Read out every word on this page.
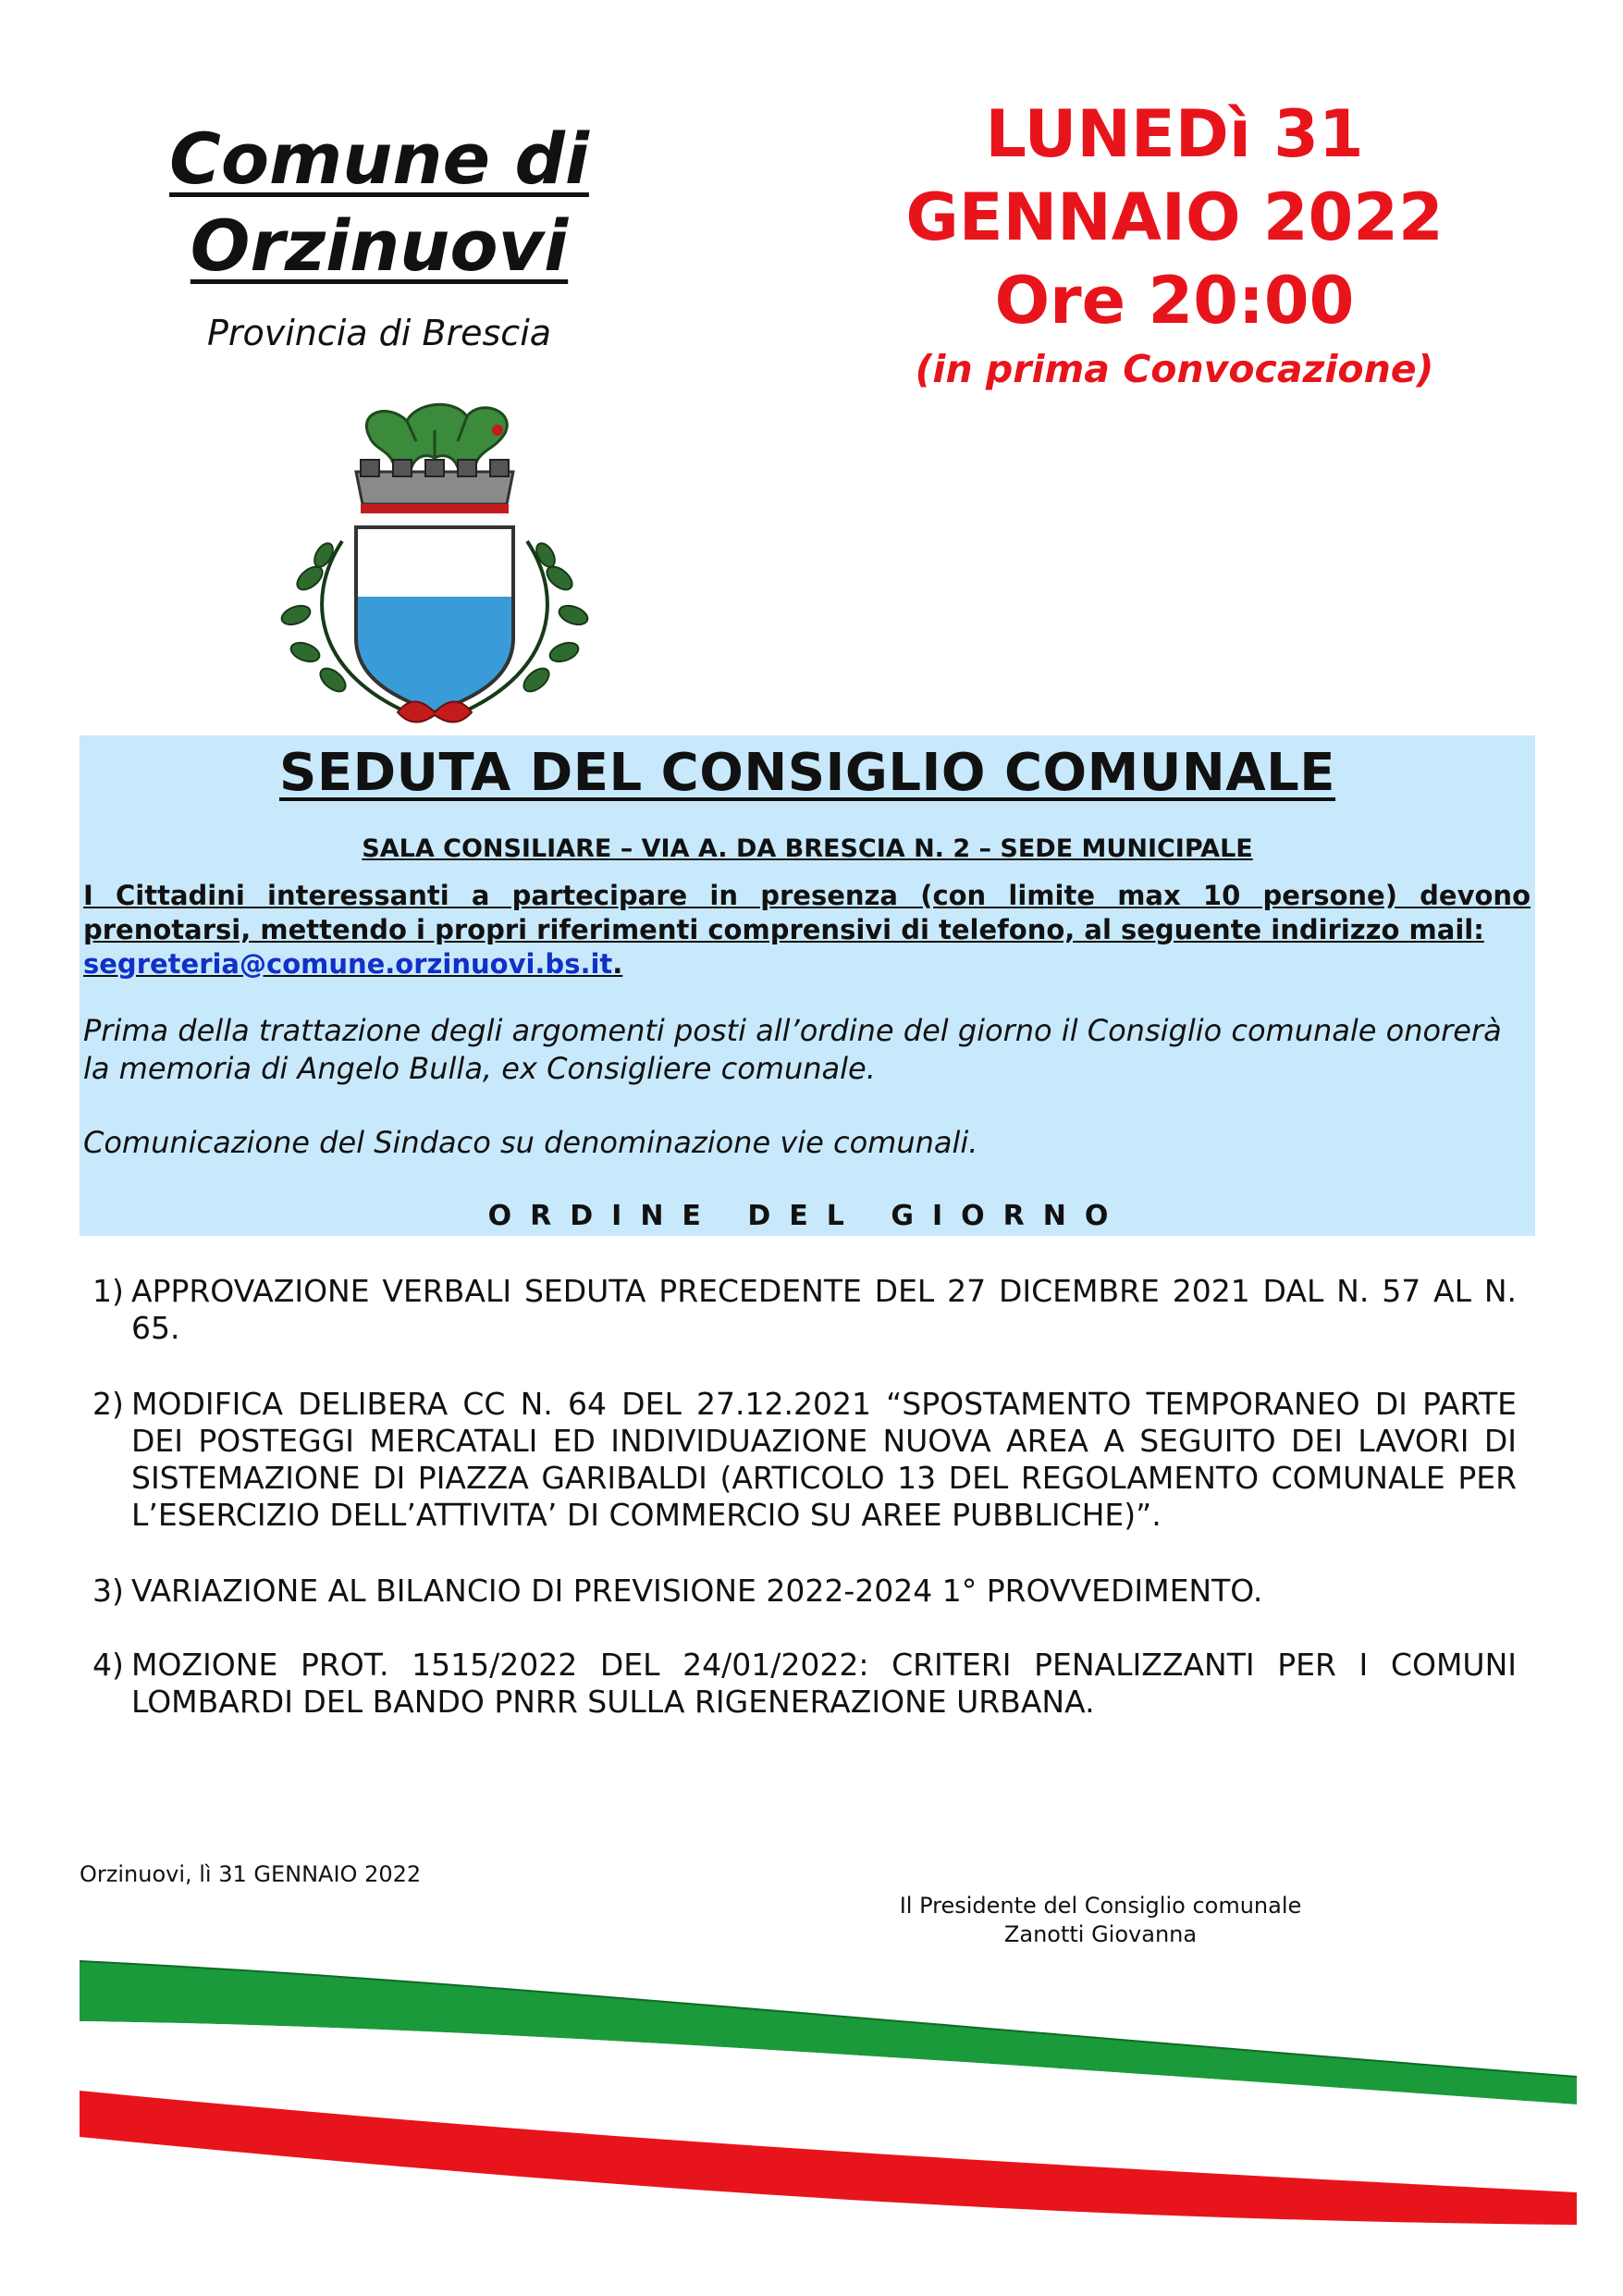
Comune di
Orzinuovi
Provincia di Brescia
LUNEDì 31
GENNAIO 2022
Ore 20:00
(in prima Convocazione)
SEDUTA DEL CONSIGLIO COMUNALE
SALA CONSILIARE – VIA A. DA BRESCIA N. 2 – SEDE MUNICIPALE
I Cittadini interessanti a partecipare in presenza (con limite max 10 persone) devono prenotarsi, mettendo i propri riferimenti comprensivi di telefono, al seguente indirizzo mail:
segreteria@comune.orzinuovi.bs.it.
Prima della trattazione degli argomenti posti all’ordine del giorno il Consiglio comunale onorerà la memoria di Angelo Bulla, ex Consigliere comunale.
Comunicazione del Sindaco su denominazione vie comunali.
ORDINE DEL GIORNO
1) APPROVAZIONE VERBALI SEDUTA PRECEDENTE DEL 27 DICEMBRE 2021 DAL N. 57 AL N. 65.
2) MODIFICA DELIBERA CC N. 64 DEL 27.12.2021 “SPOSTAMENTO TEMPORANEO DI PARTE DEI POSTEGGI MERCATALI ED INDIVIDUAZIONE NUOVA AREA A SEGUITO DEI LAVORI DI SISTEMAZIONE DI PIAZZA GARIBALDI (ARTICOLO 13 DEL REGOLAMENTO COMUNALE PER L’ESERCIZIO DELL’ATTIVITA’ DI COMMERCIO SU AREE PUBBLICHE)”.
3) VARIAZIONE AL BILANCIO DI PREVISIONE 2022-2024 1° PROVVEDIMENTO.
4) MOZIONE PROT. 1515/2022 DEL 24/01/2022: CRITERI PENALIZZANTI PER I COMUNI LOMBARDI DEL BANDO PNRR SULLA RIGENERAZIONE URBANA.
Orzinuovi, lì 31 GENNAIO 2022
Il Presidente del Consiglio comunale
Zanotti Giovanna
